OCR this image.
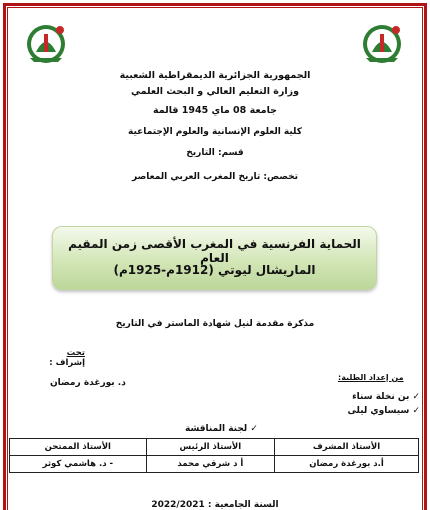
الجمهورية الجزائرية الديمقراطية الشعبية
وزارة التعليم العالي و البحث العلمي
جامعة 08 ماي 1945 قالمة
كلية العلوم الإنسانية والعلوم الإجتماعية
قسم: التاريخ
تخصص: تاريخ المغرب العربي المعاصر
الحماية الفرنسية في المغرب الأقصى زمن المقيم العام
الماريشال ليوتي (1912م-1925م)
مذكرة مقدمة لنيل شهادة الماستر في التاريخ
تحت
إشراف :
د. بورغدة رمضان
من إعداد الطلبة:
✓ بن نخلة سناء
✓ سيساوي ليلى
✓ لجنة المناقشة
الأستاذ المشرف	الأستاذ الرئيس	الأستاذ الممتحن
أ.د بورغدة رمضان	أ د شرقي محمد	- د. هاشمي كوثر
السنة الجامعية : 2022/2021
